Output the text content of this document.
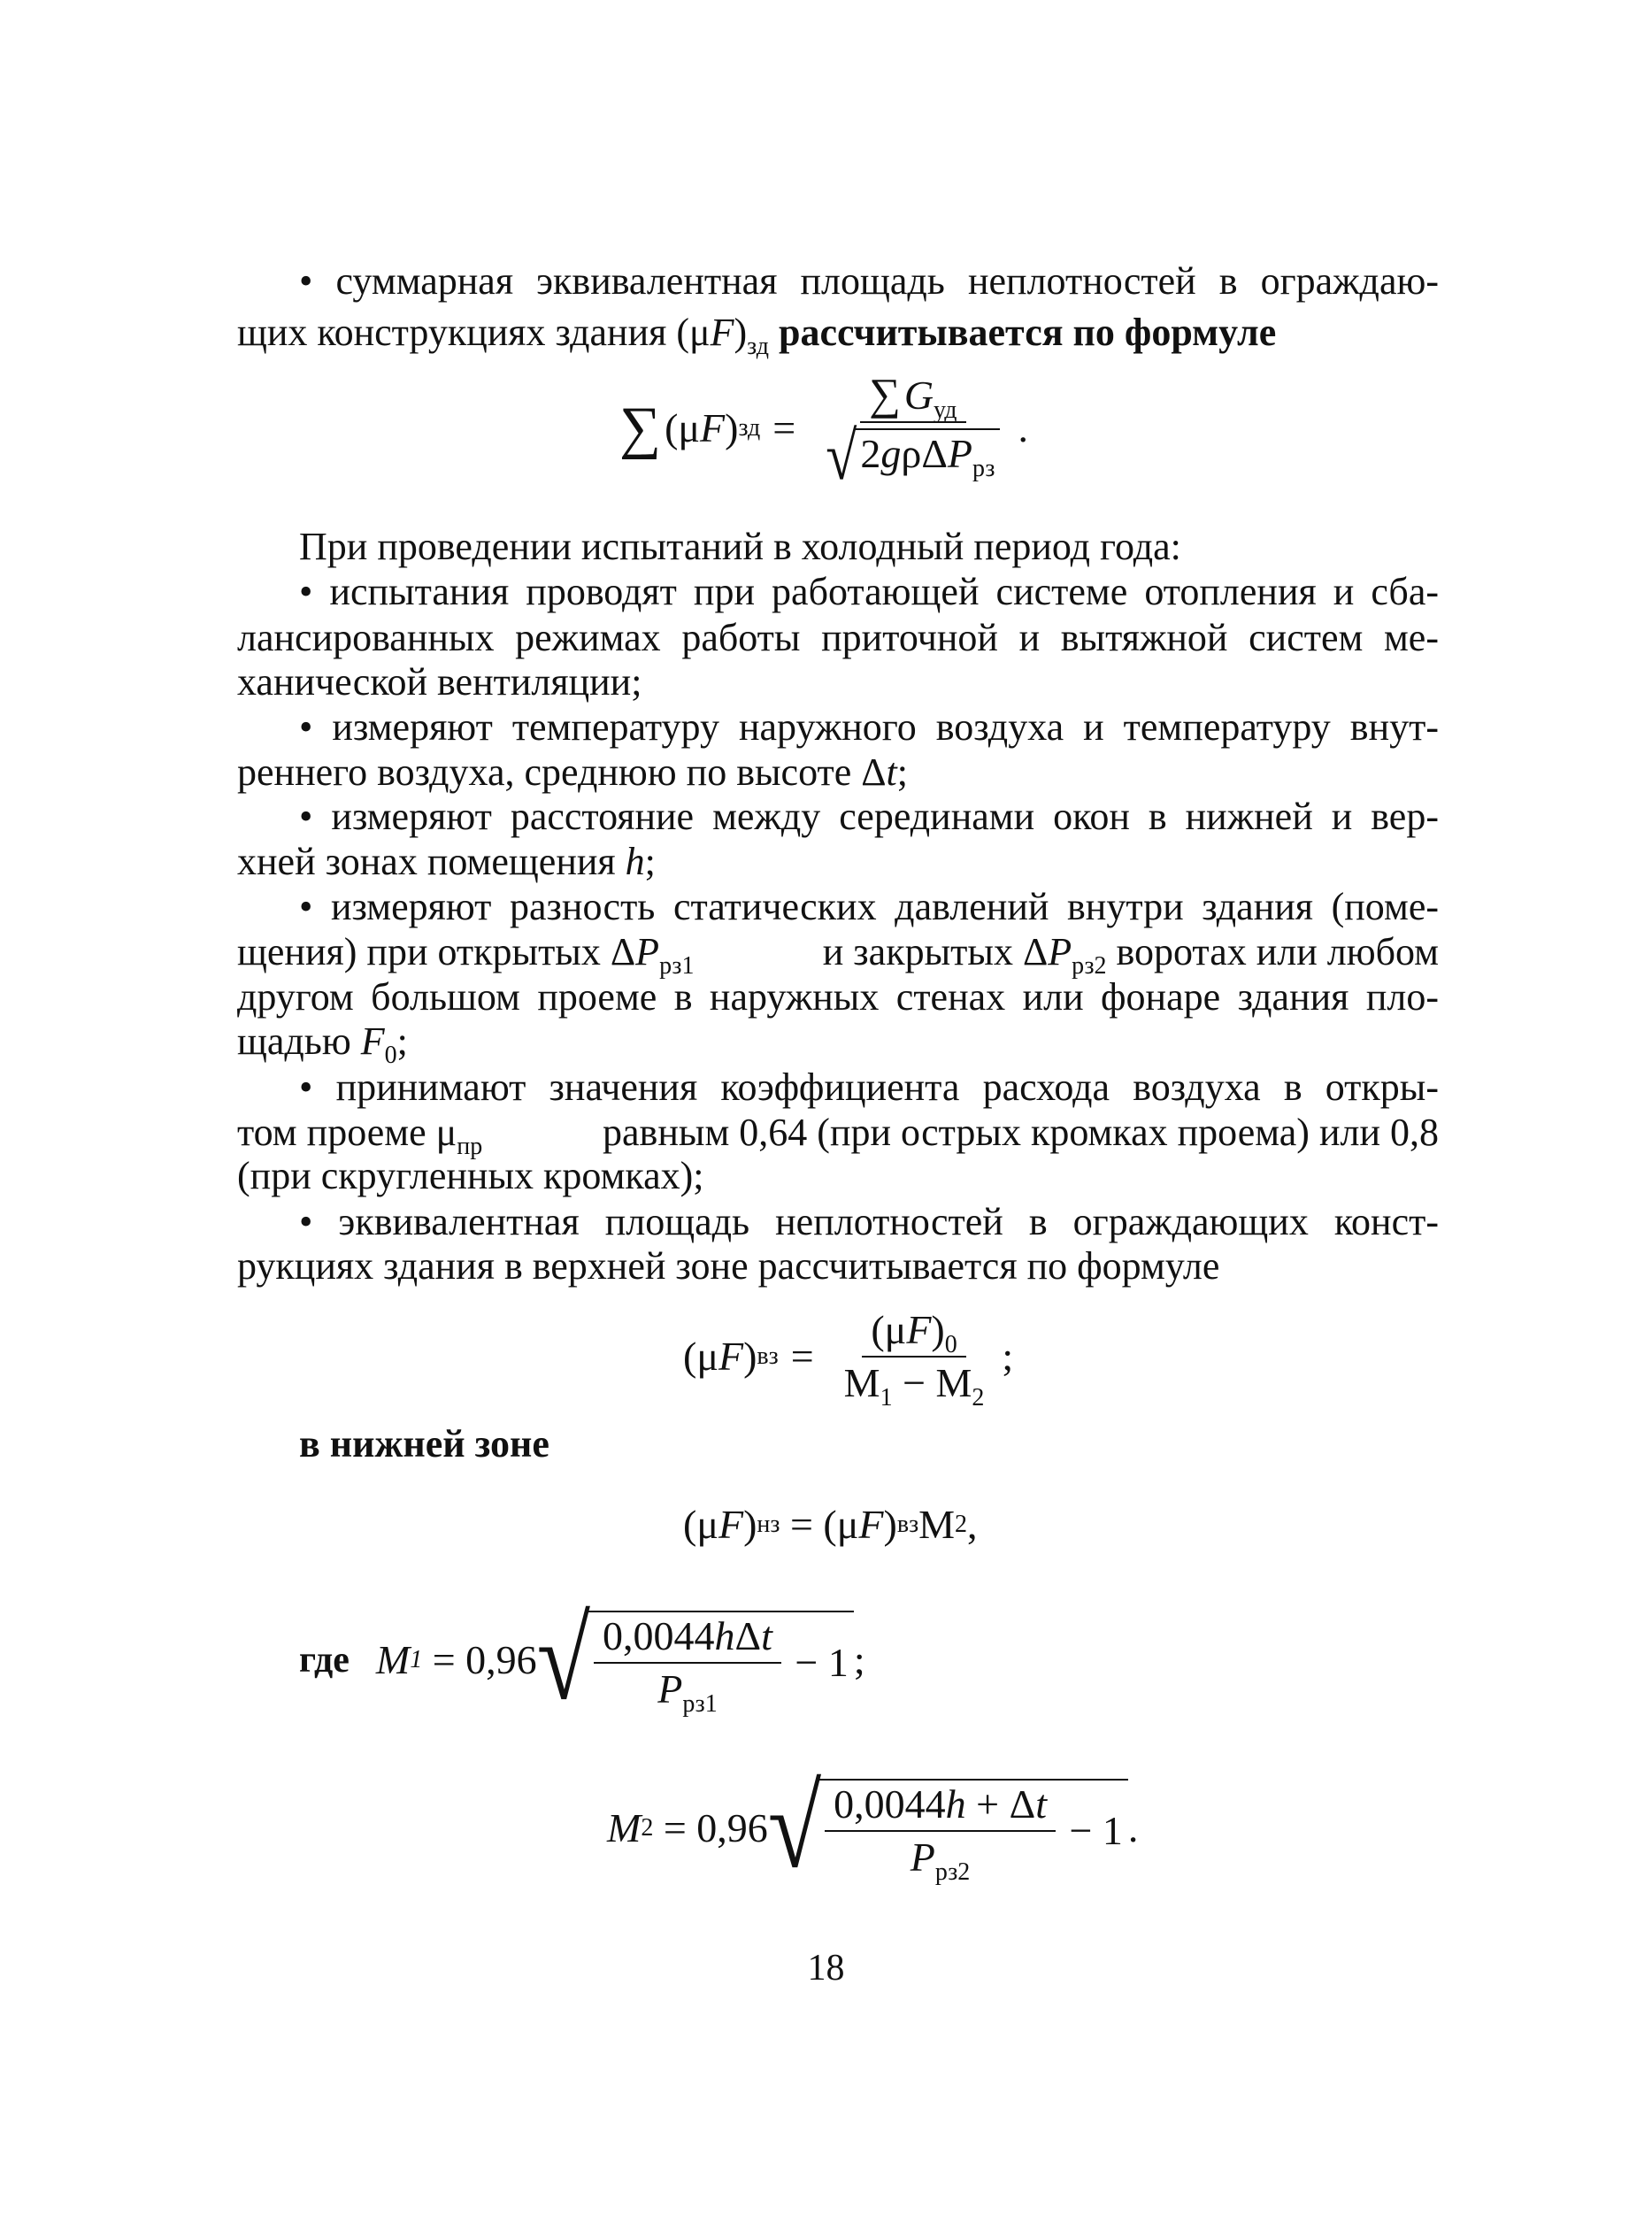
• суммарная эквивалентная площадь неплотностей в ограждаю-
щих конструкциях здания $(\mu F)_{зд}$ рассчитывается по формуле
∑ (μ F ) зд = $\frac{\sum G_{уд}}{√ 2g\rho\Delta P_{рз}}$ .
При проведении испытаний в холодный период года:
• испытания проводят при работающей системе отопления и сба-
лансированных режимах работы приточной и вытяжной систем ме-
ханической вентиляции;
• измеряют температуру наружного воздуха и температуру внут-
реннего воздуха, среднюю по высоте Δt;
• измеряют расстояние между серединами окон в нижней и вер-
хней зонах помещения h;
• измеряют разность статических давлений внутри здания (поме-
щения) при открытых $\Delta P_{рз1}$	и закрытых $\Delta P_{рз2}$ воротах или любом
другом большом проеме в наружных стенах или фонаре здания пло-
щадью $F_0$;
• принимают значения коэффициента расхода воздуха в откры-
том проеме $\mu_{пр}$	равным 0,64 (при острых кромках проема) или 0,8
(при скругленных кромках);
• эквивалентная площадь неплотностей в ограждающих конст-
рукциях здания в верхней зоне рассчитывается по формуле
(μ F ) вз = $\frac{(\mu F)_0}{M_1 - M_2}$ ;
в нижней зоне
(μ F ) нз = (μ F ) вз M 2 ,
где M 1 = 0,96 √ $\frac{\text{0,0044hΔt}}{P_{рз1}} - 1$ ;
M 2 = 0,96 √ $\frac{0,0044h + \Delta t}{P_{рз2}} - 1$ .
18
